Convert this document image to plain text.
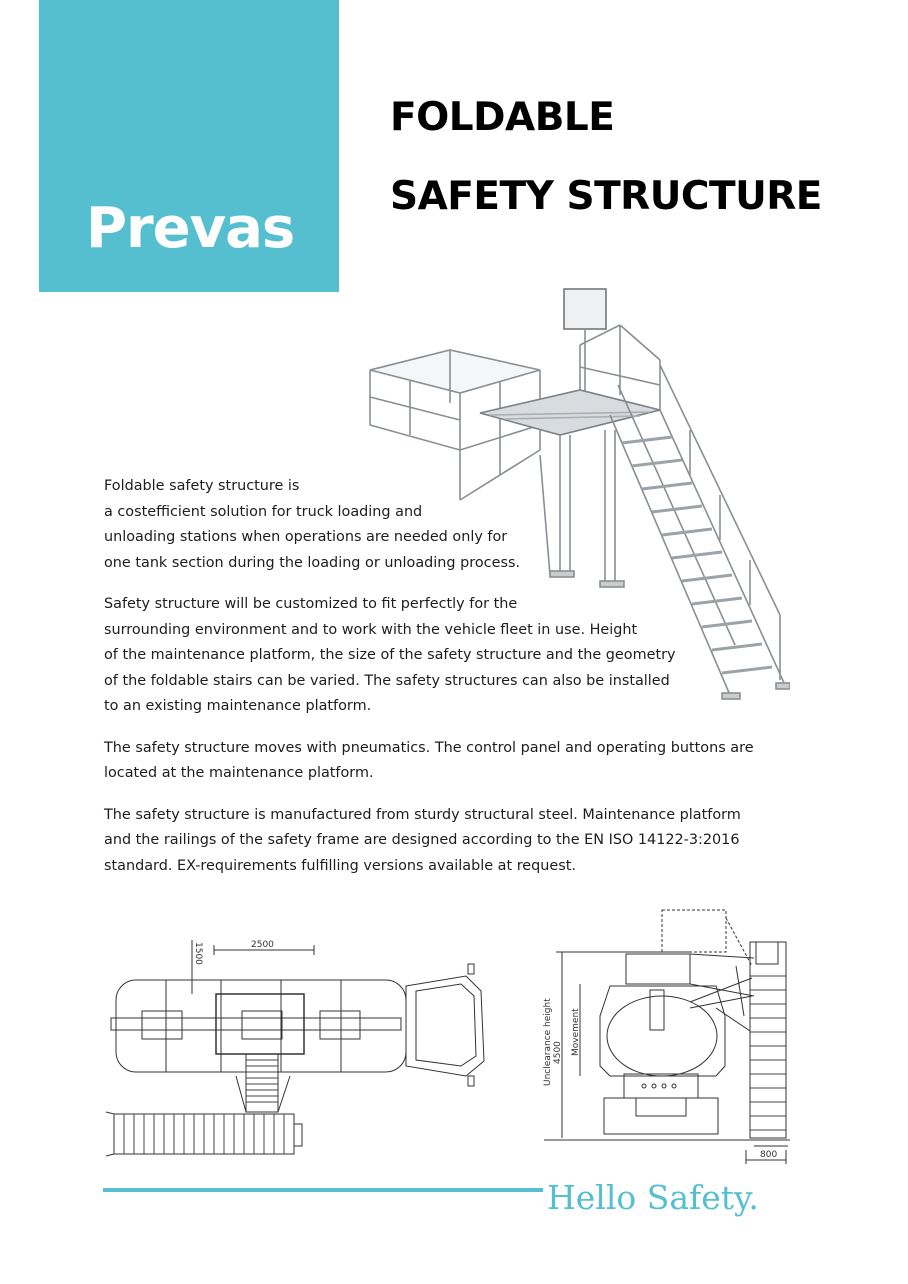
Prevas
FOLDABLE
SAFETY STRUCTURE
Foldable safety structure is
a costefficient solution for truck loading and
unloading stations when operations are needed only for
one tank section during the loading or unloading process.
Safety structure will be customized to fit perfectly for the
surrounding environment and to work with the vehicle fleet in use. Height
of the maintenance platform, the size of the safety structure and the geometry
of the foldable stairs can be varied. The safety structures can also be installed
to an existing maintenance platform.
The safety structure moves with pneumatics. The control panel and operating buttons are
located at the maintenance platform.
The safety structure is manufactured from sturdy structural steel. Maintenance platform
and the railings of the safety frame are designed according to the EN ISO 14122-3:2016
standard. EX-requirements fulfilling versions available at request.
2500
1500
Unclearance height 4500 Movement
800
Hello Safety.
